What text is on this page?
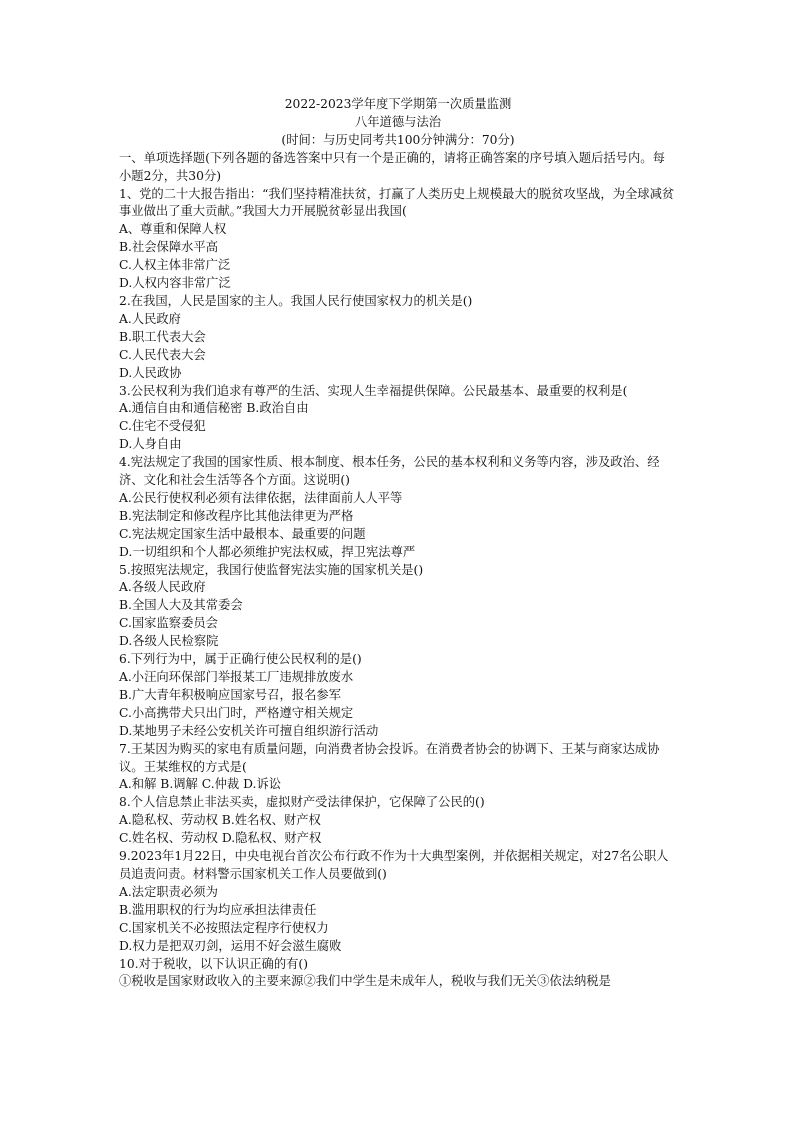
2022-2023学年度下学期第一次质量监测
八年道德与法治
(时间：与历史同考共100分钟满分：70分)
一、单项选择题(下列各题的备选答案中只有一个是正确的，请将正确答案的序号填入题后括号内。每小题2分，共30分)
1、党的二十大报告指出：“我们坚持精准扶贫，打赢了人类历史上规模最大的脱贫攻坚战，为全球减贫事业做出了重大贡献。”我国大力开展脱贫彰显出我国(
A、尊重和保障人权
B.社会保障水平高
C.人权主体非常广泛
D.人权内容非常广泛
2.在我国，人民是国家的主人。我国人民行使国家权力的机关是()
A.人民政府
B.职工代表大会
C.人民代表大会
D.人民政协
3.公民权利为我们追求有尊严的生活、实现人生幸福提供保障。公民最基本、最重要的权利是(
A.通信自由和通信秘密 B.政治自由
C.住宅不受侵犯
D.人身自由
4.宪法规定了我国的国家性质、根本制度、根本任务，公民的基本权利和义务等内容，涉及政治、经济、文化和社会生活等各个方面。这说明()
A.公民行使权利必须有法律依据，法律面前人人平等
B.宪法制定和修改程序比其他法律更为严格
C.宪法规定国家生活中最根本、最重要的问题
D.一切组织和个人都必须维护宪法权威，捍卫宪法尊严
5.按照宪法规定，我国行使监督宪法实施的国家机关是()
A.各级人民政府
B.全国人大及其常委会
C.国家监察委员会
D.各级人民检察院
6.下列行为中，属于正确行使公民权利的是()
A.小汪向环保部门举报某工厂违规排放废水
B.广大青年积极响应国家号召，报名参军
C.小高携带犬只出门时，严格遵守相关规定
D.某地男子未经公安机关许可擅自组织游行活动
7.王某因为购买的家电有质量问题，向消费者协会投诉。在消费者协会的协调下、王某与商家达成协议。王某维权的方式是(
A.和解 B.调解 C.仲裁 D.诉讼
8.个人信息禁止非法买卖，虚拟财产受法律保护，它保障了公民的()
A.隐私权、劳动权 B.姓名权、财产权
C.姓名权、劳动权 D.隐私权、财产权
9.2023年1月22日，中央电视台首次公布行政不作为十大典型案例，并依据相关规定，对27名公职人员追责问责。材料警示国家机关工作人员要做到()
A.法定职责必须为
B.滥用职权的行为均应承担法律责任
C.国家机关不必按照法定程序行使权力
D.权力是把双刃剑，运用不好会滋生腐败
10.对于税收，以下认识正确的有()
①税收是国家财政收入的主要来源②我们中学生是未成年人，税收与我们无关③依法纳税是
